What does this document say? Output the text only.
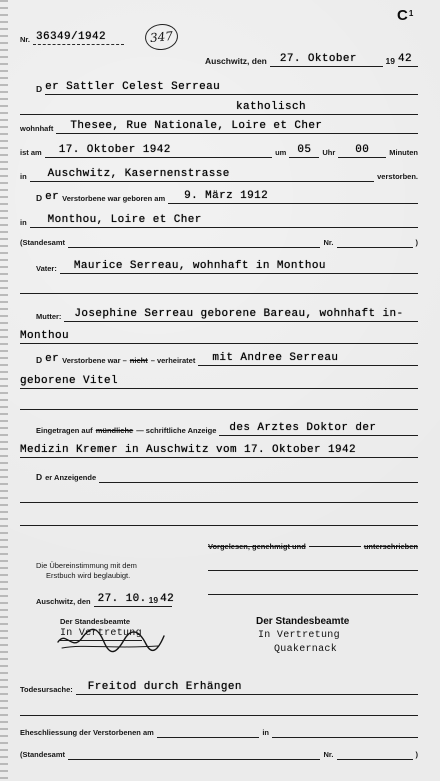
$C^1$
Nr. 36349/1942	347
Auschwitz, den	27. Oktober	19 42
D er Sattler Celest Serreau
katholisch
wohnhaft	Thesee, Rue Nationale, Loire et Cher
ist am	17. Oktober 1942	um 05 Uhr 00	Minuten
in	Auschwitz, Kasernenstrasse	verstorben.
D er Verstorbene war geboren am	9. März 1912
in	Monthou, Loire et Cher
(Standesamt	Nr.	)
Vater:	Maurice Serreau, wohnhaft in Monthou
Mutter:	Josephine Serreau geborene Bareau, wohnhaft in-
Monthou
D er Verstorbene war – nicht – verheiratet	mit Andree Serreau
geborene Vitel
Eingetragen auf mündliche — schriftliche Anzeige	des Arztes Doktor der
Medizin Kremer in Auschwitz vom 17. Oktober 1942
D er Anzeigende
Vorgelesen, genehmigt und	unterschrieben
Die Übereinstimmung mit dem
Erstbuch wird beglaubigt.
Auschwitz, den 27. 10. 19 42
Der Standesbeamte
In Vertretung
Der Standesbeamte
In Vertretung
Quakernack
Todesursache:	Freitod durch Erhängen
Eheschliessung der Verstorbenen am	in
(Standesamt	Nr.	)
